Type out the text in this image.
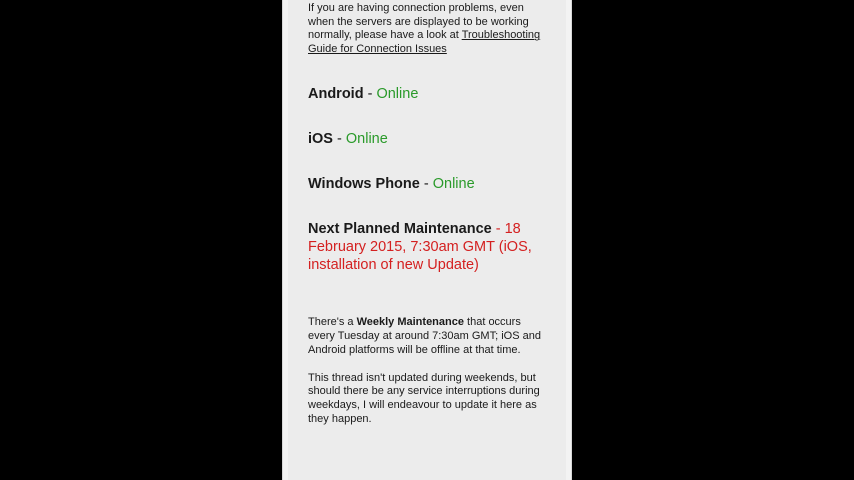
If you are having connection problems, even when the servers are displayed to be working normally, please have a look at Troubleshooting Guide for Connection Issues

Android - Online

iOS - Online

Windows Phone - Online

Next Planned Maintenance - 18 February 2015, 7:30am GMT (iOS, installation of new Update)

There's a Weekly Maintenance that occurs every Tuesday at around 7:30am GMT; iOS and Android platforms will be offline at that time.

This thread isn't updated during weekends, but should there be any service interruptions during weekdays, I will endeavour to update it here as they happen.
